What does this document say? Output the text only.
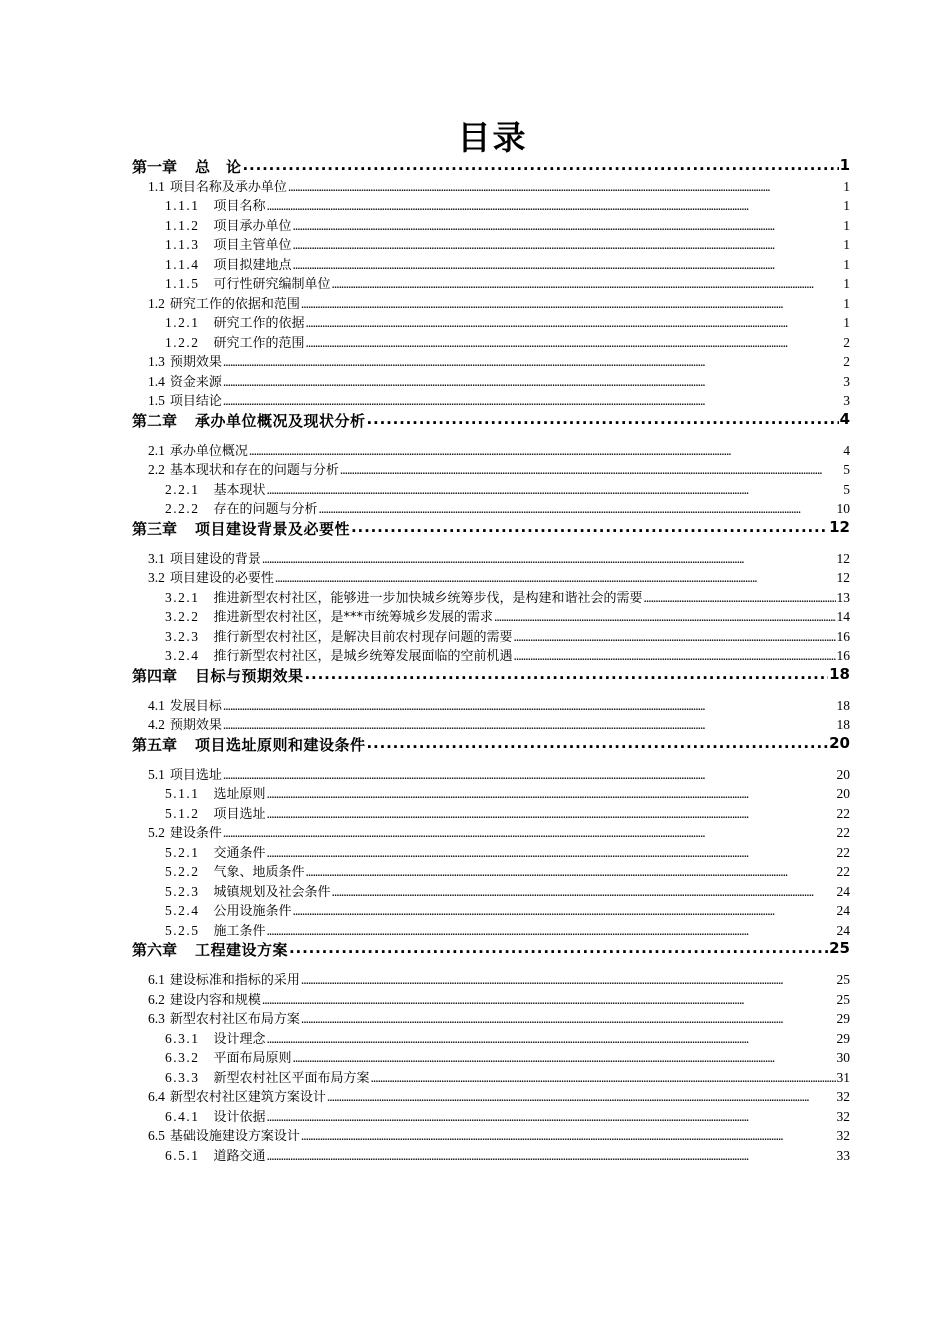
目录
第一章 总　论 . . .	1
1.1 项目名称及承办单位 . . .	1
1.1.1 项目名称 . . .	1
1.1.2 项目承办单位 . . .	1
1.1.3 项目主管单位 . . .	1
1.1.4 项目拟建地点 . . .	1
1.1.5 可行性研究编制单位 . . .	1
1.2 研究工作的依据和范围 . . .	1
1.2.1 研究工作的依据 . . .	1
1.2.2 研究工作的范围 . . .	2
1.3 预期效果 . . .	2
1.4 资金来源 . . .	3
1.5 项目结论 . . .	3
第二章 承办单位概况及现状分析 . . .	4
2.1 承办单位概况 . . .	4
2.2 基本现状和存在的问题与分析 . . .	5
2.2.1 基本现状 . . .	5
2.2.2 存在的问题与分析 . . .	10
第三章 项目建设背景及必要性 . . .	12
3.1 项目建设的背景 . . .	12
3.2 项目建设的必要性 . . .	12
3.2.1 推进新型农村社区，能够进一步加快城乡统筹步伐，是构建和谐社会的需要 . . .	13
3.2.2 推进新型农村社区，是***市统筹城乡发展的需求 . . .	14
3.2.3 推行新型农村社区，是解决目前农村现存问题的需要 . . .	16
3.2.4 推行新型农村社区，是城乡统筹发展面临的空前机遇 . . .	16
第四章 目标与预期效果 . . .	18
4.1 发展目标 . . .	18
4.2 预期效果 . . .	18
第五章 项目选址原则和建设条件 . . .	20
5.1 项目选址 . . .	20
5.1.1 选址原则 . . .	20
5.1.2 项目选址 . . .	22
5.2 建设条件 . . .	22
5.2.1 交通条件 . . .	22
5.2.2 气象、地质条件 . . .	22
5.2.3 城镇规划及社会条件 . . .	24
5.2.4 公用设施条件 . . .	24
5.2.5 施工条件 . . .	24
第六章 工程建设方案 . . .	25
6.1 建设标准和指标的采用 . . .	25
6.2 建设内容和规模 . . .	25
6.3 新型农村社区布局方案 . . .	29
6.3.1 设计理念 . . .	29
6.3.2 平面布局原则 . . .	30
6.3.3 新型农村社区平面布局方案 . . .	31
6.4 新型农村社区建筑方案设计 . . .	32
6.4.1 设计依据 . . .	32
6.5 基础设施建设方案设计 . . .	32
6.5.1 道路交通 . . .	33
